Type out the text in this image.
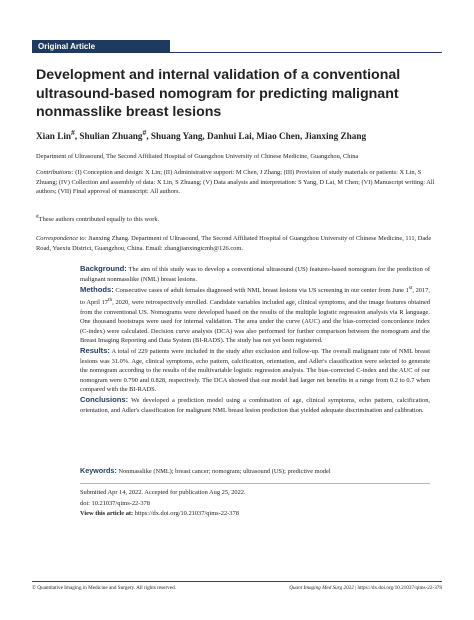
Original Article
Development and internal validation of a conventional ultrasound-based nomogram for predicting malignant nonmasslike breast lesions

Xian Lin#, Shulian Zhuang#, Shuang Yang, Danhui Lai, Miao Chen, Jianxing Zhang

Department of Ultrasound, The Second Affiliated Hospital of Guangzhou University of Chinese Medicine, Guangzhou, China

Contributions: (I) Conception and design: X Lin; (II) Administrative support: M Chen, J Zhang; (III) Provision of study materials or patients: X Lin, S Zhuang; (IV) Collection and assembly of data: X Lin, S Zhuang; (V) Data analysis and interpretation: S Yang, D Lai, M Chen; (VI) Manuscript writing: All authors; (VII) Final approval of manuscript: All authors.

#These authors contributed equally to this work.

Correspondence to: Jianxing Zhang. Department of Ultrasound, The Second Affiliated Hospital of Guangzhou University of Chinese Medicine, 111, Dade Road, Yuexiu District, Guangzhou, China. Email: zhangjianxingtcmb@126.com.

Background: The aim of this study was to develop a conventional ultrasound (US) features-based nomogram for the prediction of malignant nonmasslike (NML) breast lesions.

Methods: Consecutive cases of adult females diagnosed with NML breast lesions via US screening in our center from June 1st, 2017, to April 17th, 2020, were retrospectively enrolled. Candidate variables included age, clinical symptoms, and the image features obtained from the conventional US. Nomograms were developed based on the results of the multiple logistic regression analysis via R language. One thousand bootstraps were used for internal validation. The area under the curve (AUC) and the bias-corrected concordance index (C-index) were calculated. Decision curve analysis (DCA) was also performed for further comparison between the nomogram and the Breast Imaging Reporting and Data System (BI-RADS). The study has not yet been registered.

Results: A total of 229 patients were included in the study after exclusion and follow-up. The overall malignant rate of NML breast lesions was 31.0%. Age, clinical symptoms, echo pattern, calcification, orientation, and Adler's classification were selected to generate the nomogram according to the results of the multivariable logistic regression analysis. The bias-corrected C-index and the AUC of our nomogram were 0.790 and 0.828, respectively. The DCA showed that our model had larger net benefits in a range from 0.2 to 0.7 when compared with the BI-RADS.

Conclusions: We developed a prediction model using a combination of age, clinical symptoms, echo pattern, calcification, orientation, and Adler's classification for malignant NML breast lesion prediction that yielded adequate discrimination and calibration.

Keywords: Nonmasslike (NML); breast cancer; nomogram; ultrasound (US); predictive model

Submitted Apr 14, 2022. Accepted for publication Aug 25, 2022.

doi: 10.21037/qims-22-378

View this article at: https://dx.doi.org/10.21037/qims-22-378

© Quantitative Imaging in Medicine and Surgery. All rights reserved.	Quant Imaging Med Surg 2022 | https://dx.doi.org/10.21037/qims-22-378
